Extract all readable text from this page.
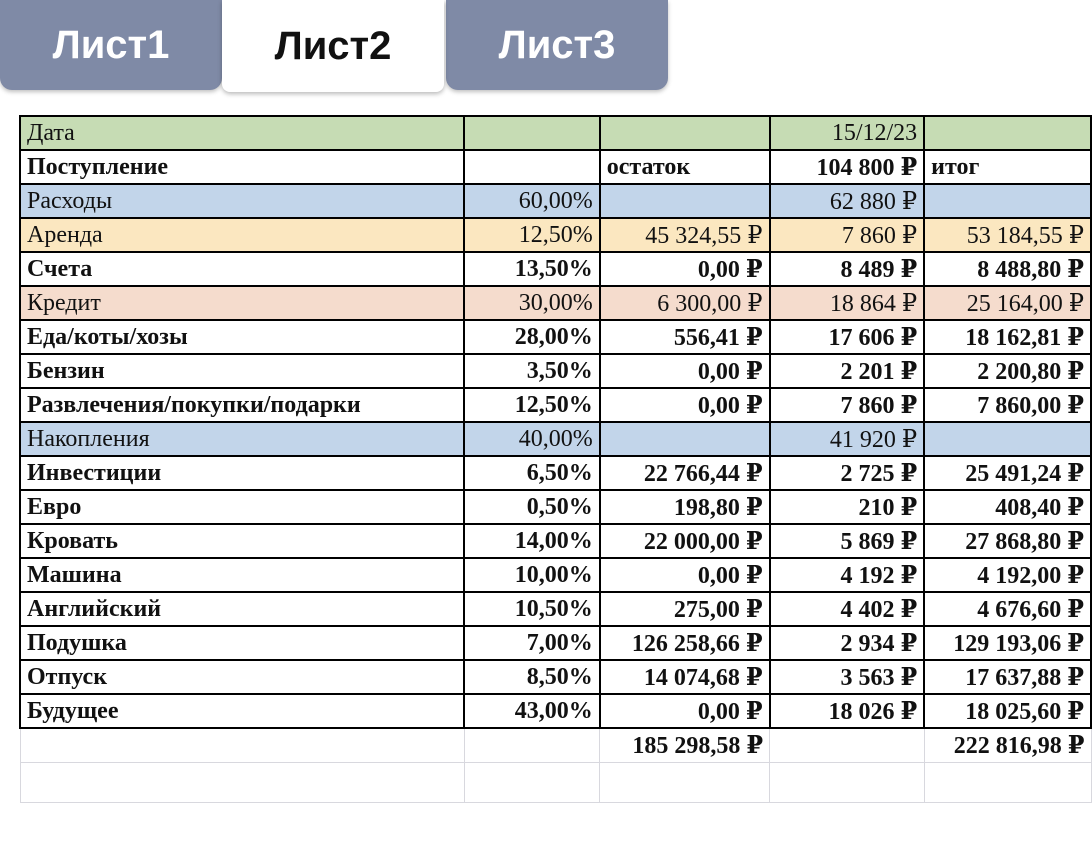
Лист1	Лист2	Лист3
Дата			15/12/23	
Поступление		остаток	104 800 ₽	итог
Расходы	60,00%		62 880 ₽	
Аренда	12,50%	45 324,55 ₽	7 860 ₽	53 184,55 ₽
Счета	13,50%	0,00 ₽	8 489 ₽	8 488,80 ₽
Кредит	30,00%	6 300,00 ₽	18 864 ₽	25 164,00 ₽
Еда/коты/хозы	28,00%	556,41 ₽	17 606 ₽	18 162,81 ₽
Бензин	3,50%	0,00 ₽	2 201 ₽	2 200,80 ₽
Развлечения/покупки/подарки	12,50%	0,00 ₽	7 860 ₽	7 860,00 ₽
Накопления	40,00%		41 920 ₽	
Инвестиции	6,50%	22 766,44 ₽	2 725 ₽	25 491,24 ₽
Евро	0,50%	198,80 ₽	210 ₽	408,40 ₽
Кровать	14,00%	22 000,00 ₽	5 869 ₽	27 868,80 ₽
Машина	10,00%	0,00 ₽	4 192 ₽	4 192,00 ₽
Английский	10,50%	275,00 ₽	4 402 ₽	4 676,60 ₽
Подушка	7,00%	126 258,66 ₽	2 934 ₽	129 193,06 ₽
Отпуск	8,50%	14 074,68 ₽	3 563 ₽	17 637,88 ₽
Будущее	43,00%	0,00 ₽	18 026 ₽	18 025,60 ₽
		185 298,58 ₽		222 816,98 ₽
